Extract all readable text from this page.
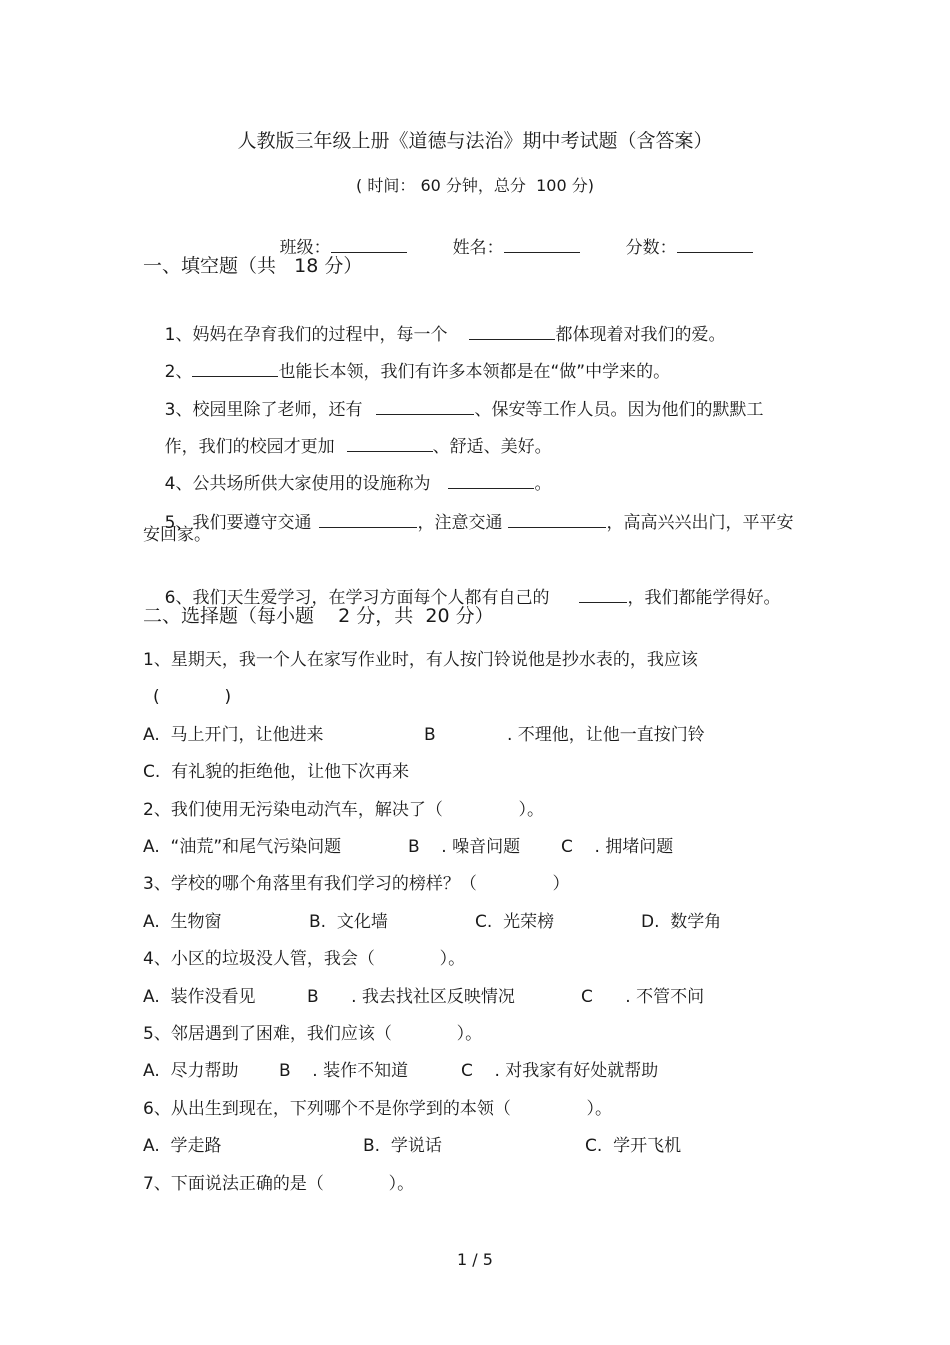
人教版三年级上册《道德与法治》期中考试题（含答案）
( 时间： 60 分钟，总分  100 分)

班级：
	姓名：
	分数：

一、填空题（共   18 分）

1、妈妈在孕育我们的过程中，每一个	都体现着对我们的爱。

2、	也能长本领，我们有许多本领都是在“做”中学来的。

3、校园里除了老师，还有	、保安等工作人员。因为他们的默默工

作，我们的校园才更加	、舒适、美好。

4、公共场所供大家使用的设施称为	。

5、我们要遵守交通	，注意交通	，高高兴兴出门，平平安

安回家。

6、我们天生爱学习，在学习方面每个人都有自己的	，我们都能学得好。

二、选择题（每小题    2 分，共  20 分）
1、星期天，我一个人在家写作业时，有人按门铃说他是抄水表的，我应该
(            )
A.  马上开门，让他进来	B	. 不理他，让他一直按门铃
C.  有礼貌的拒绝他，让他下次再来
2、我们使用无污染电动汽车，解决了（              ）。
A.  “油荒”和尾气污染问题	B    . 噪音问题 C    . 拥堵问题
3、学校的哪个角落里有我们学习的榜样？（              ）
A.  生物窗	B.  文化墙	C.  光荣榜	D.  数学角
4、小区的垃圾没人管，我会（            ）。
A.  装作没看见	B      . 我去找社区反映情况	C      . 不管不问
5、邻居遇到了困难，我们应该（            ）。
A.  尽力帮助 B    . 装作不知道	C    . 对我家有好处就帮助
6、从出生到现在，下列哪个不是你学到的本领（              ）。
A.  学走路	B.  学说话	C.  学开飞机
7、下面说法正确的是（            ）。
1 / 5
